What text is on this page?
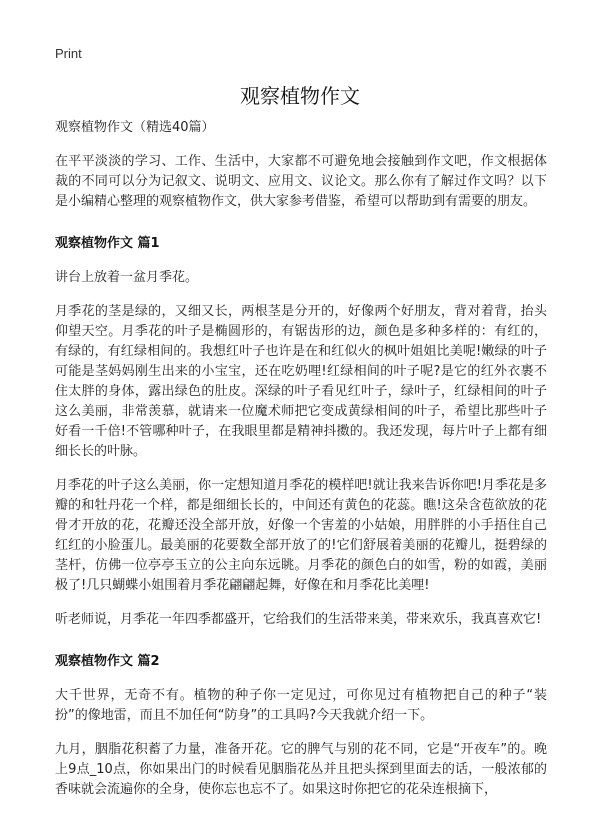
Print
观察植物作文
观察植物作文（精选40篇）

在平平淡淡的学习、工作、生活中，大家都不可避免地会接触到作文吧，作文根据体裁的不同可以分为记叙文、说明文、应用文、议论文。那么你有了解过作文吗？以下是小编精心整理的观察植物作文，供大家参考借鉴，希望可以帮助到有需要的朋友。

观察植物作文 篇1

讲台上放着一盆月季花。

月季花的茎是绿的，又细又长，两根茎是分开的，好像两个好朋友，背对着背，抬头仰望天空。月季花的叶子是椭圆形的，有锯齿形的边，颜色是多种多样的：有红的，有绿的，有红绿相间的。我想红叶子也许是在和红似火的枫叶姐姐比美呢!嫩绿的叶子可能是茎妈妈刚生出来的小宝宝，还在吃奶哩!红绿相间的叶子呢?是它的红外衣裹不住太胖的身体，露出绿色的肚皮。深绿的叶子看见红叶子，绿叶子，红绿相间的叶子这么美丽，非常羡慕，就请来一位魔术师把它变成黄绿相间的叶子，希望比那些叶子好看一千倍!不管哪种叶子，在我眼里都是精神抖擞的。我还发现，每片叶子上都有细细长长的叶脉。

月季花的叶子这么美丽，你一定想知道月季花的模样吧!就让我来告诉你吧!月季花是多瓣的和牡丹花一个样，都是细细长长的，中间还有黄色的花蕊。瞧!这朵含苞欲放的花骨才开放的花，花瓣还没全部开放，好像一个害羞的小姑娘，用胖胖的小手捂住自己红红的小脸蛋儿。最美丽的花要数全部开放了的!它们舒展着美丽的花瓣儿，挺碧绿的茎杆，仿佛一位亭亭玉立的公主向东远眺。月季花的颜色白的如雪，粉的如霞，美丽极了!几只蝴蝶小姐围着月季花翩翩起舞，好像在和月季花比美哩!

听老师说，月季花一年四季都盛开，它给我们的生活带来美，带来欢乐，我真喜欢它!

观察植物作文 篇2

大千世界，无奇不有。植物的种子你一定见过，可你见过有植物把自己的种子“装扮”的像地雷，而且不加任何“防身”的工具吗?今天我就介绍一下。

九月，胭脂花积蓄了力量，准备开花。它的脾气与别的花不同，它是“开夜车”的。晚上9点_10点，你如果出门的时候看见胭脂花丛并且把头探到里面去的话，一般浓郁的香味就会流遍你的全身，使你忘也忘不了。如果这时你把它的花朵连根摘下，
